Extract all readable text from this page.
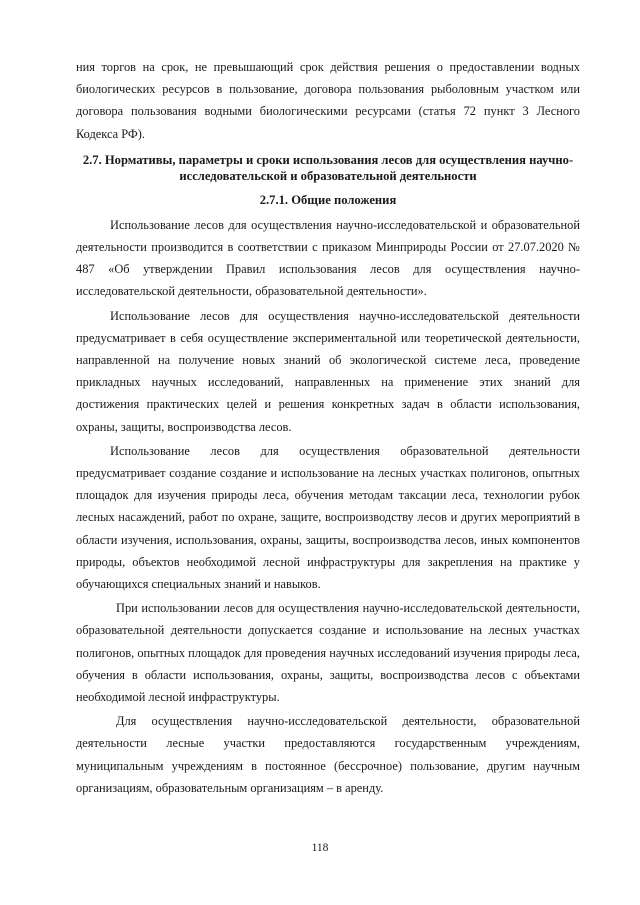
ния торгов на срок, не превышающий срок действия решения о предоставлении водных биологических ресурсов в пользование, договора пользования рыболовным участком или договора пользования водными биологическими ресурсами (статья 72 пункт 3 Лесного Кодекса РФ).

2.7. Нормативы, параметры и сроки использования лесов для осуществления научно-исследовательской и образовательной деятельности
2.7.1. Общие положения

Использование лесов для осуществления научно-исследовательской и образовательной деятельности производится в соответствии с приказом Минприроды России от 27.07.2020 № 487 «Об утверждении Правил использования лесов для осуществления научно-исследовательской деятельности, образовательной деятельности».

Использование лесов для осуществления научно-исследовательской деятельности предусматривает в себя осуществление экспериментальной или теоретической деятельности, направленной на получение новых знаний об экологической системе леса, проведение прикладных научных исследований, направленных на применение этих знаний для достижения практических целей и решения конкретных задач в области использования, охраны, защиты, воспроизводства лесов.

Использование лесов для осуществления образовательной деятельности предусматривает создание создание и использование на лесных участках полигонов, опытных площадок для изучения природы леса, обучения методам таксации леса, технологии рубок лесных насаждений, работ по охране, защите, воспроизводству лесов и других мероприятий в области изучения, использования, охраны, защиты, воспроизводства лесов, иных компонентов природы, объектов необходимой лесной инфраструктуры для закрепления на практике у обучающихся специальных знаний и навыков.

При использовании лесов для осуществления научно-исследовательской деятельности, образовательной деятельности допускается создание и использование на лесных участках полигонов, опытных площадок для проведения научных исследований изучения природы леса, обучения в области использования, охраны, защиты, воспроизводства лесов с объектами необходимой лесной инфраструктуры.

Для осуществления научно-исследовательской деятельности, образовательной деятельности лесные участки предоставляются государственным учреждениям, муниципальным учреждениям в постоянное (бессрочное) пользование, другим научным организациям, образовательным организациям – в аренду.

118
